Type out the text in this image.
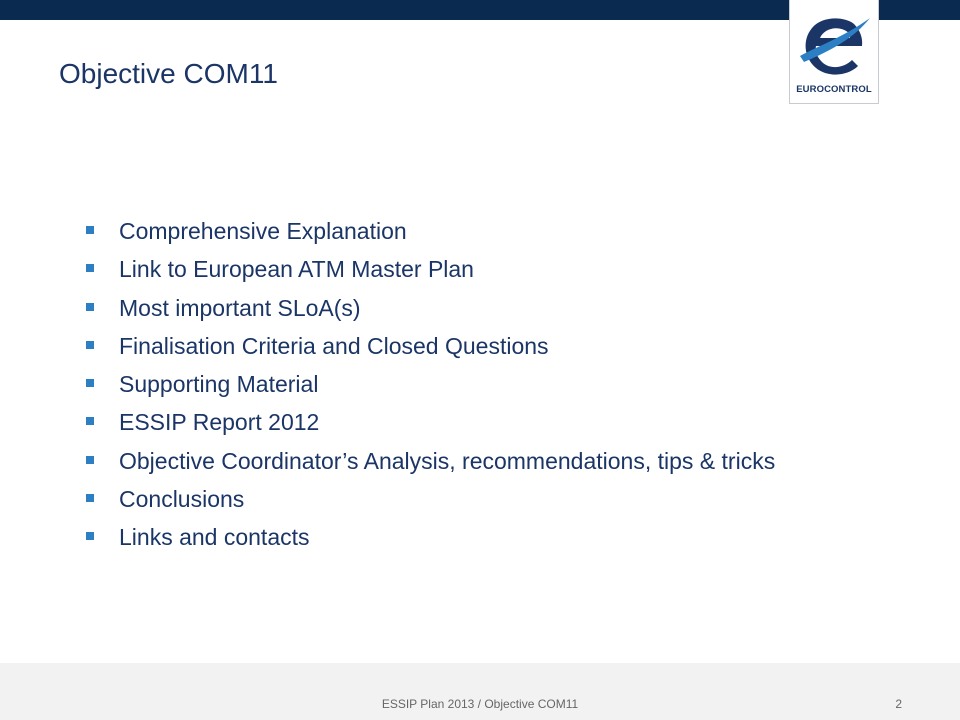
EUROCONTROL
Objective COM11
Comprehensive Explanation
Link to European ATM Master Plan
Most important SLoA(s)
Finalisation Criteria and Closed Questions
Supporting Material
ESSIP Report 2012
Objective Coordinator’s Analysis, recommendations, tips & tricks
Conclusions
Links and contacts
ESSIP Plan 2013 / Objective COM11	2
